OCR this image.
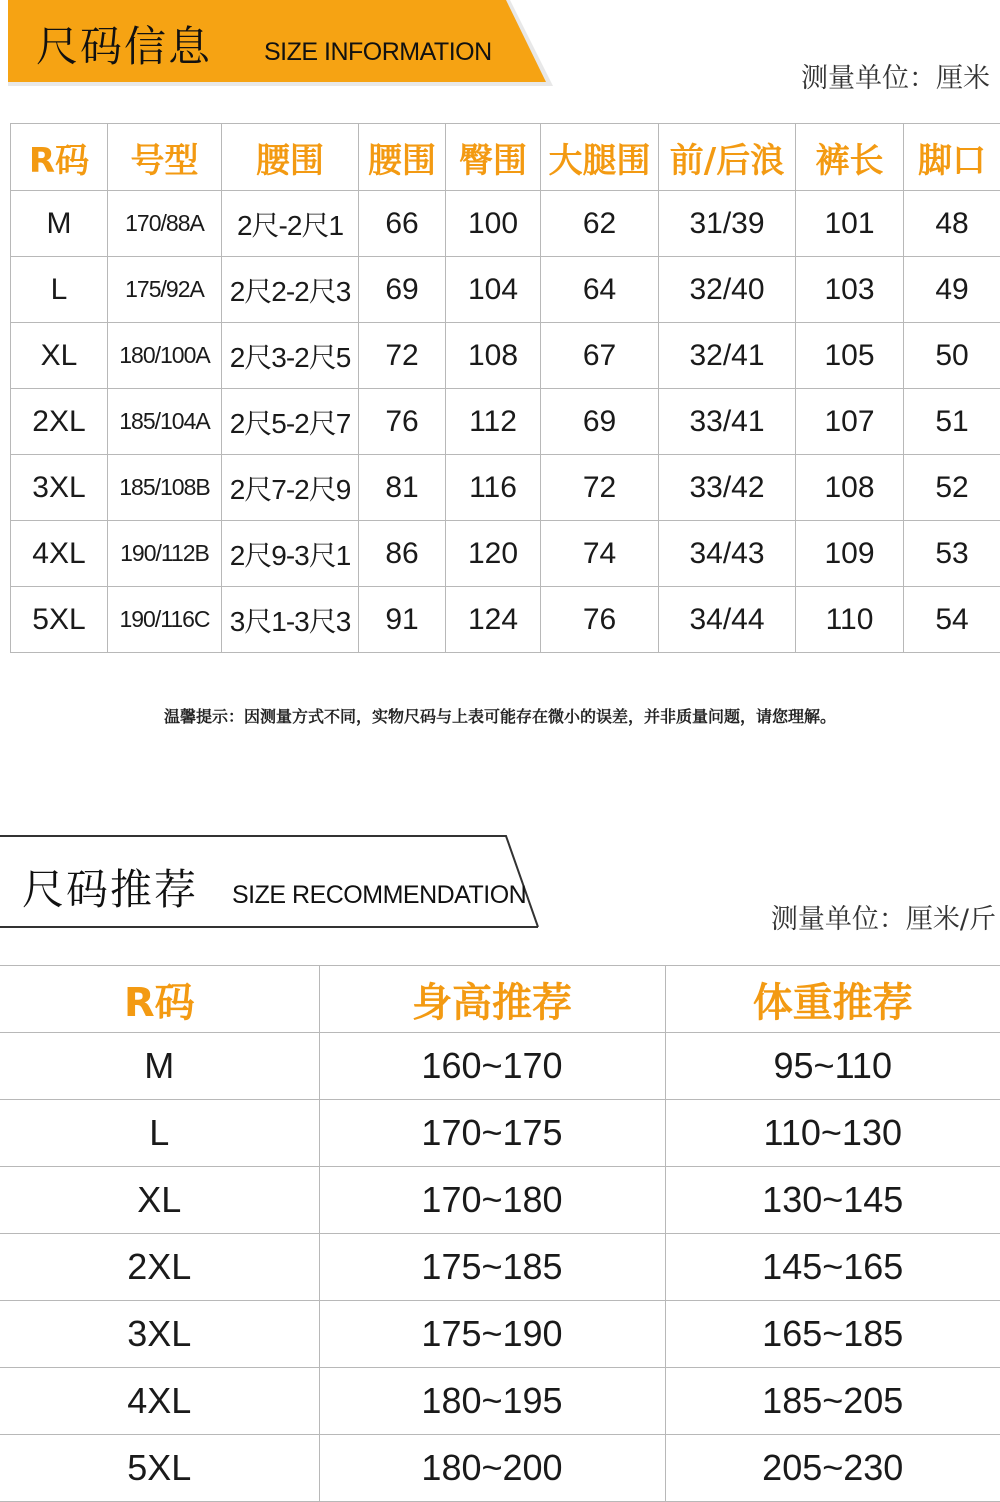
尺码信息 SIZE INFORMATION
测量单位：厘米
R码	号型	腰围	腰围	臀围	大腿围	前/后浪	裤长	脚口
M	170/88A	2尺-2尺1	66	100	62	31/39	101	48
L	175/92A	2尺2-2尺3	69	104	64	32/40	103	49
XL	180/100A	2尺3-2尺5	72	108	67	32/41	105	50
2XL	185/104A	2尺5-2尺7	76	112	69	33/41	107	51
3XL	185/108B	2尺7-2尺9	81	116	72	33/42	108	52
4XL	190/112B	2尺9-3尺1	86	120	74	34/43	109	53
5XL	190/116C	3尺1-3尺3	91	124	76	34/44	110	54
温馨提示：因测量方式不同，实物尺码与上表可能存在微小的误差，并非质量问题，请您理解。
尺码推荐 SIZE RECOMMENDATION
测量单位：厘米/斤
R码	身高推荐	体重推荐
M	160~170	95~110
L	170~175	110~130
XL	170~180	130~145
2XL	175~185	145~165
3XL	175~190	165~185
4XL	180~195	185~205
5XL	180~200	205~230
